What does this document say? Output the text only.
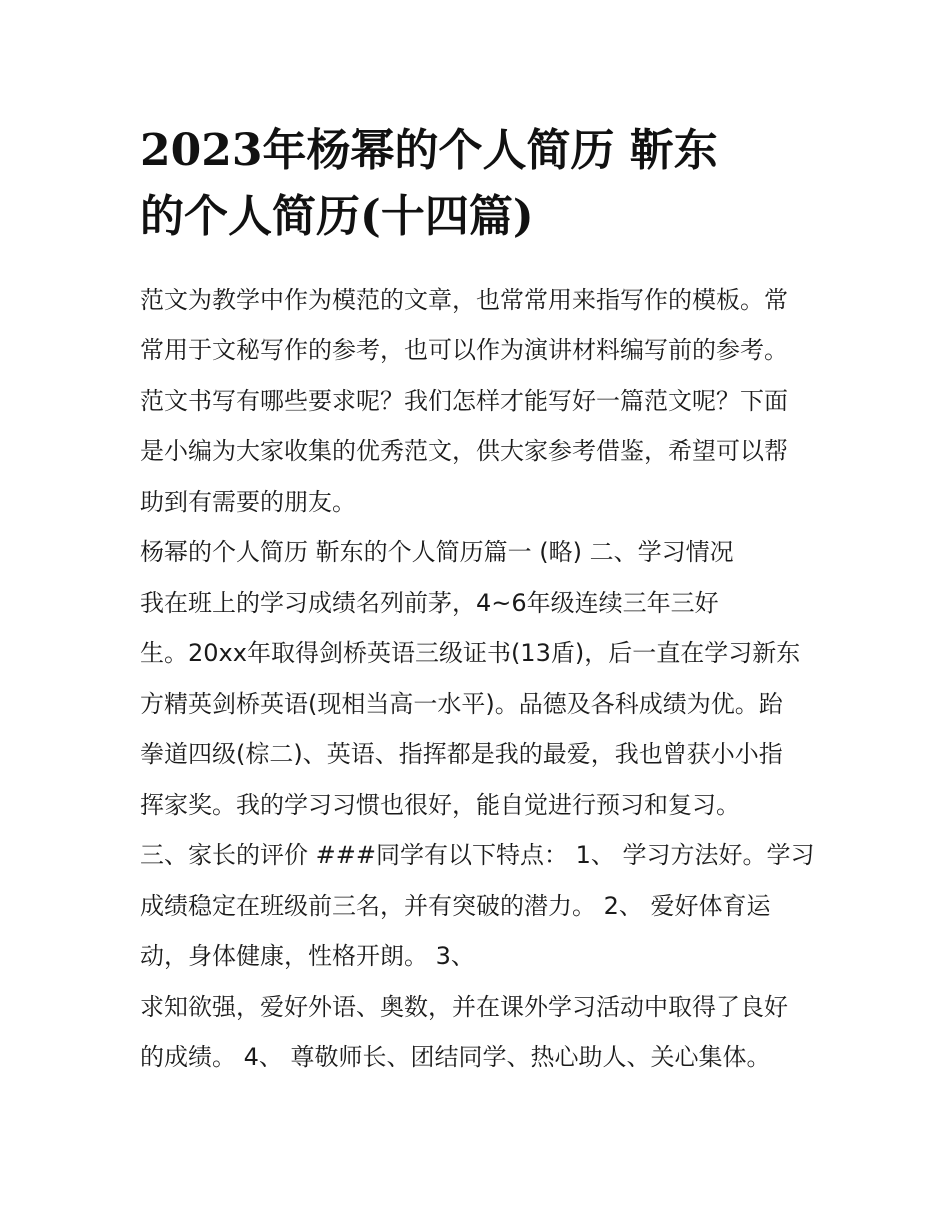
2023年杨幂的个人简历 靳东
的个人简历(十四篇)
范文为教学中作为模范的文章，也常常用来指写作的模板。常
常用于文秘写作的参考，也可以作为演讲材料编写前的参考。
范文书写有哪些要求呢？我们怎样才能写好一篇范文呢？下面
是小编为大家收集的优秀范文，供大家参考借鉴，希望可以帮
助到有需要的朋友。
杨幂的个人简历 靳东的个人简历篇一 (略) 二、学习情况
我在班上的学习成绩名列前茅，4~6年级连续三年三好
生。20xx年取得剑桥英语三级证书(13盾)，后一直在学习新东
方精英剑桥英语(现相当高一水平)。品德及各科成绩为优。跆
拳道四级(棕二)、英语、指挥都是我的最爱，我也曾获小小指
挥家奖。我的学习习惯也很好，能自觉进行预习和复习。
三、家长的评价 ###同学有以下特点： 1、 学习方法好。学习
成绩稳定在班级前三名，并有突破的潜力。 2、 爱好体育运
动，身体健康，性格开朗。 3、
求知欲强，爱好外语、奥数，并在课外学习活动中取得了良好
的成绩。 4、 尊敬师长、团结同学、热心助人、关心集体。
